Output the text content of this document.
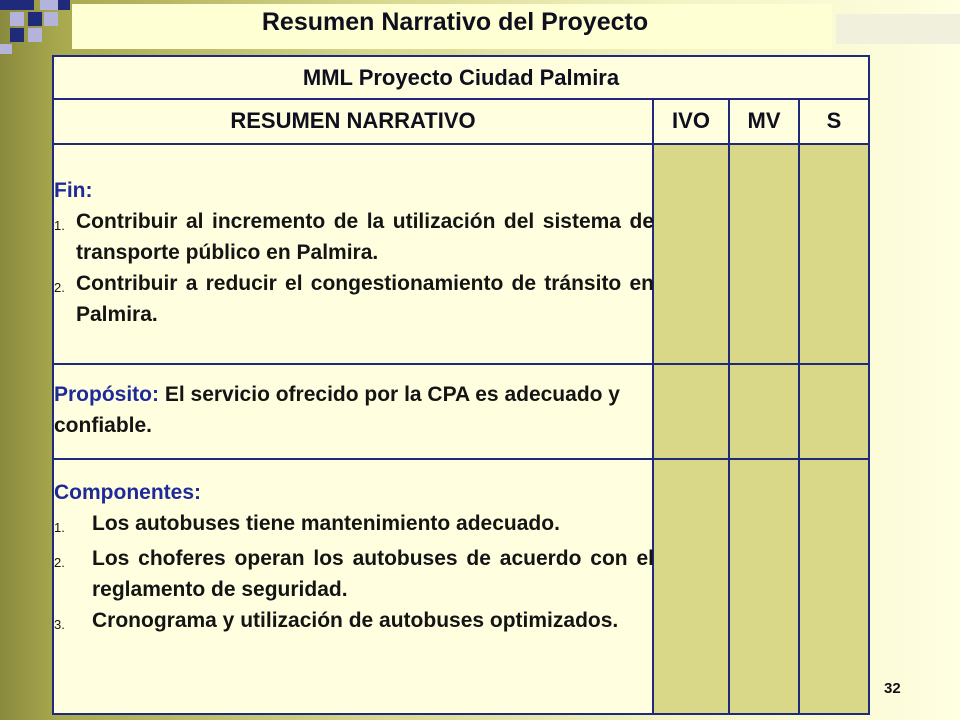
Resumen Narrativo del Proyecto
MML Proyecto Ciudad Palmira
RESUMEN NARRATIVO	IVO	MV	S
Fin:
1. Contribuir al incremento de la utilización del sistema de transporte público en Palmira.
2. Contribuir a reducir el congestionamiento de tránsito en Palmira.
Propósito: El servicio ofrecido por la CPA es adecuado y confiable.
Componentes:
1.	Los autobuses tiene mantenimiento adecuado.
2.	Los choferes operan los autobuses de acuerdo con el reglamento de seguridad.
3.	Cronograma y utilización de autobuses optimizados.
32
